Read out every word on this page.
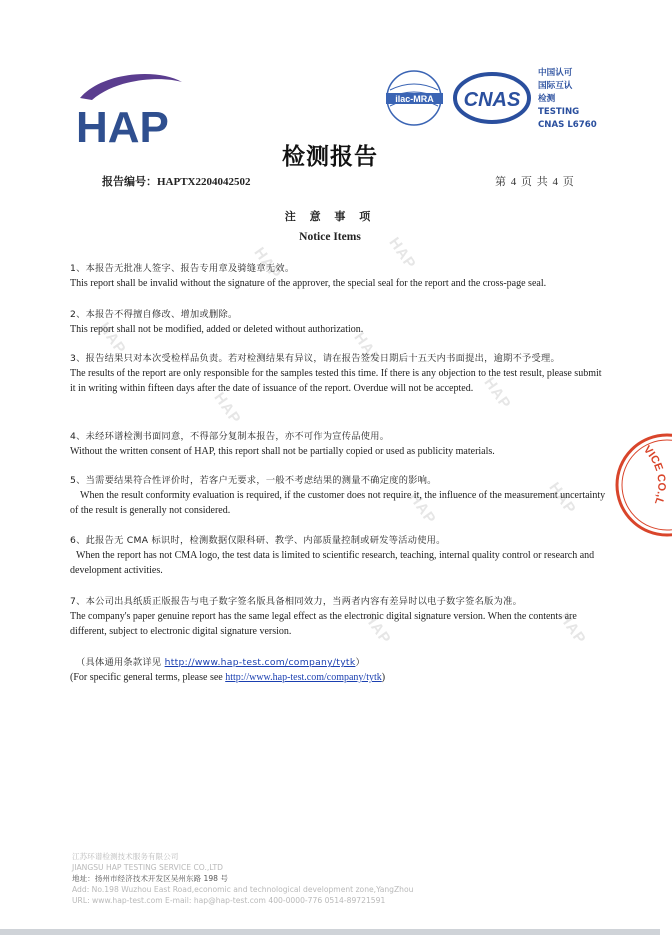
HAP	HAP
HAP
HAP
HAP
HAP
HAP	HAP
HAP
HAP
HAP
ilac-MRA CNAS
中国认可
国际互认
检测
TESTING
CNAS L6760
检测报告
报告编号：HAPTX2204042502	第 4 页 共 4 页
注 意 事 项
Notice Items
1、本报告无批准人签字、报告专用章及骑缝章无效。
This report shall be invalid without the signature of the approver, the special seal for the report and the cross-page seal.
2、本报告不得擅自修改、增加或删除。
This report shall not be modified, added or deleted without authorization.
3、报告结果只对本次受检样品负责。若对检测结果有异议，请在报告签发日期后十五天内书面提出，逾期不予受理。
The results of the report are only responsible for the samples tested this time. If there is any objection to the test result, please submit it in writing within fifteen days after the date of issuance of the report. Overdue will not be accepted.
4、未经环谱检测书面同意，不得部分复制本报告，亦不可作为宣传品使用。
Without the written consent of HAP, this report shall not be partially copied or used as publicity materials.
5、当需要结果符合性评价时，若客户无要求，一般不考虑结果的测量不确定度的影响。
When the result conformity evaluation is required, if the customer does not require it, the influence of the measurement uncertainty of the result is generally not considered.
6、此报告无 CMA 标识时，检测数据仅限科研、教学、内部质量控制或研发等活动使用。
When the report has not CMA logo, the test data is limited to scientific research, teaching, internal quality control or research and development activities.
7、本公司出具纸质正版报告与电子数字签名版具备相同效力，当两者内容有差异时以电子数字签名版为准。
The company's paper genuine report has the same legal effect as the electronic digital signature version. When the contents are different, subject to electronic digital signature version.
（具体通用条款详见 http://www.hap-test.com/company/tytk）
(For specific general terms, please see http://www.hap-test.com/company/tytk)
VICE CO.,L
江苏环谱检测技术服务有限公司
JIANGSU HAP TESTING SERVICE CO.,LTD
地址：扬州市经济技术开发区吴州东路 198 号
Add: No.198 Wuzhou East Road,economic and technological development zone,YangZhou
URL: www.hap-test.com E-mail: hap@hap-test.com 400-0000-776 0514-89721591
